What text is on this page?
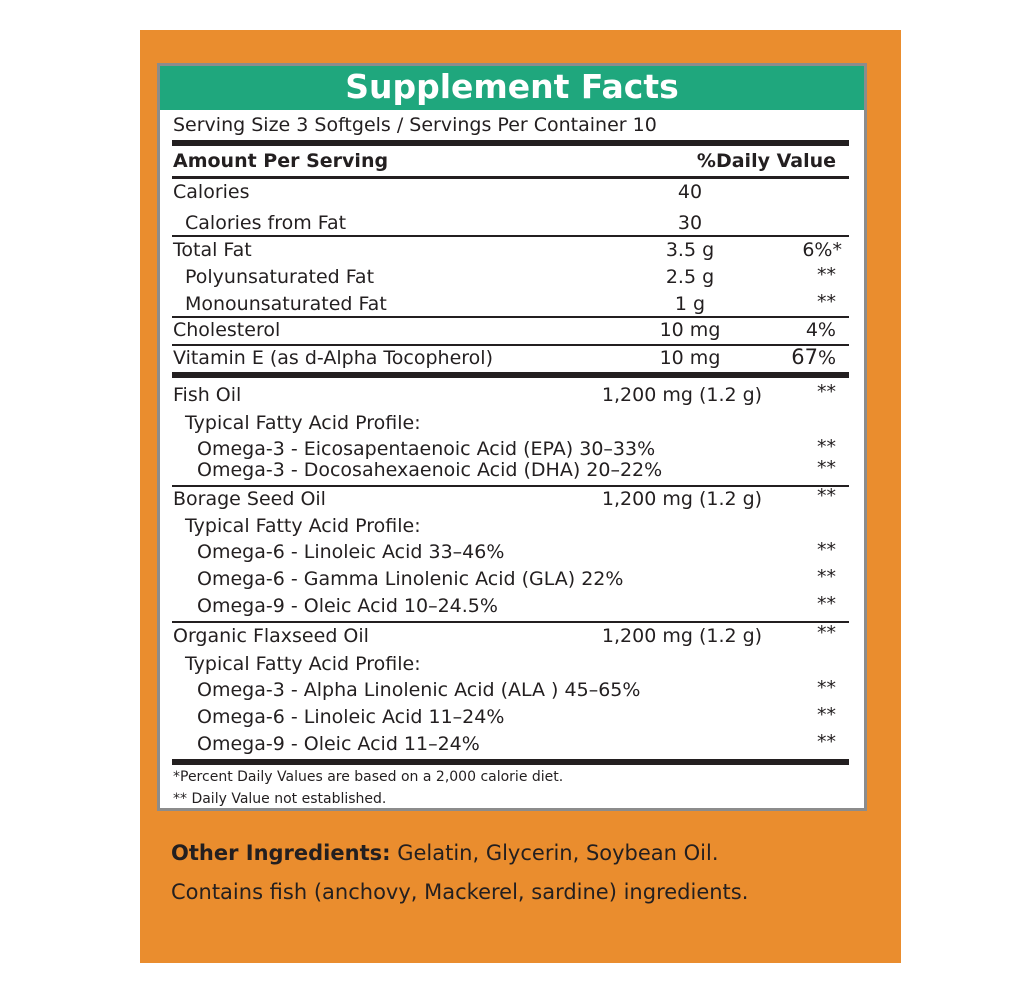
Supplement Facts
Serving Size 3 Softgels / Servings Per Container 10
Amount Per Serving	%Daily Value
Calories	40
Calories from Fat	30
Total Fat	3.5 g	6%*
Polyunsaturated Fat	2.5 g	**
Monounsaturated Fat	1 g	**
Cholesterol	10 mg	4%
Vitamin E (as d-Alpha Tocopherol)	10 mg	67%
Fish Oil	1,200 mg (1.2 g)	**
Typical Fatty Acid Profile:
Omega-3 - Eicosapentaenoic Acid (EPA) 30–33%	**
Omega-3 - Docosahexaenoic Acid (DHA) 20–22%	**
Borage Seed Oil	1,200 mg (1.2 g)	**
Typical Fatty Acid Profile:
Omega-6 - Linoleic Acid 33–46%	**
Omega-6 - Gamma Linolenic Acid (GLA) 22%	**
Omega-9 - Oleic Acid 10–24.5%	**
Organic Flaxseed Oil	1,200 mg (1.2 g)	**
Typical Fatty Acid Profile:
Omega-3 - Alpha Linolenic Acid (ALA ) 45–65%	**
Omega-6 - Linoleic Acid 11–24%	**
Omega-9 - Oleic Acid 11–24%	**
*Percent Daily Values are based on a 2,000 calorie diet.
** Daily Value not established.
Other Ingredients: Gelatin, Glycerin, Soybean Oil.
Contains fish (anchovy, Mackerel, sardine) ingredients.
